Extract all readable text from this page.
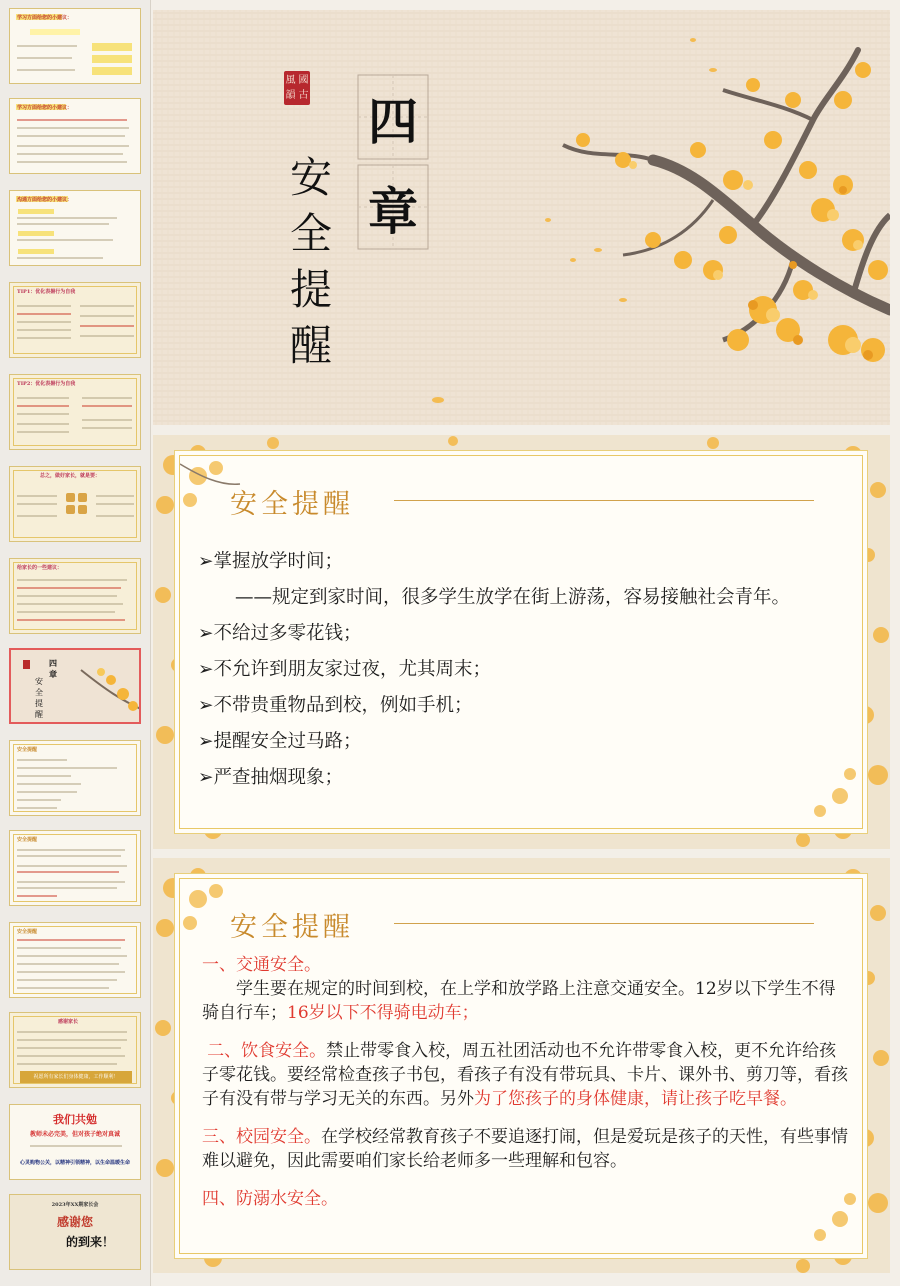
学习方面给您的小建议：
学习方面给您的小建议：
沟通方面给您的小建议：
TIP1：优化表揚行为自我
TIP2：优化表揚行为自我
总之，做好家长，就是要：
给家长的一些建议：
四
章
安
全
提
醒
安全提醒
安全提醒
安全提醒
感谢家长
祝愿所有家长们身体健康，工作顺利！
我们共勉
教师未必完美，但对孩子绝对真诚
心灵购物公关，以精神引领精神，以生命温暖生命
2023年XX期家长会
感谢您
的到来！
風 國
韻 古 四
章
安
全
提
醒
安全提醒
➢掌握放学时间；
　　——规定到家时间，很多学生放学在街上游荡，容易接触社会青年。
➢不给过多零花钱；
➢不允许到朋友家过夜，尤其周末；
➢不带贵重物品到校，例如手机；
➢提醒安全过马路；
➢严查抽烟现象；
安全提醒
一、交通安全。
学生要在规定的时间到校，在上学和放学路上注意交通安全。12岁以下学生不得骑自行车；16岁以下不得骑电动车；
二、饮食安全。禁止带零食入校，周五社团活动也不允许带零食入校，更不允许给孩子零花钱。要经常检查孩子书包，看孩子有没有带玩具、卡片、课外书、剪刀等，看孩子有没有带与学习无关的东西。另外为了您孩子的身体健康，请让孩子吃早餐。
三、校园安全。在学校经常教育孩子不要追逐打闹，但是爱玩是孩子的天性，有些事情难以避免，因此需要咱们家长给老师多一些理解和包容。
四、防溺水安全。
